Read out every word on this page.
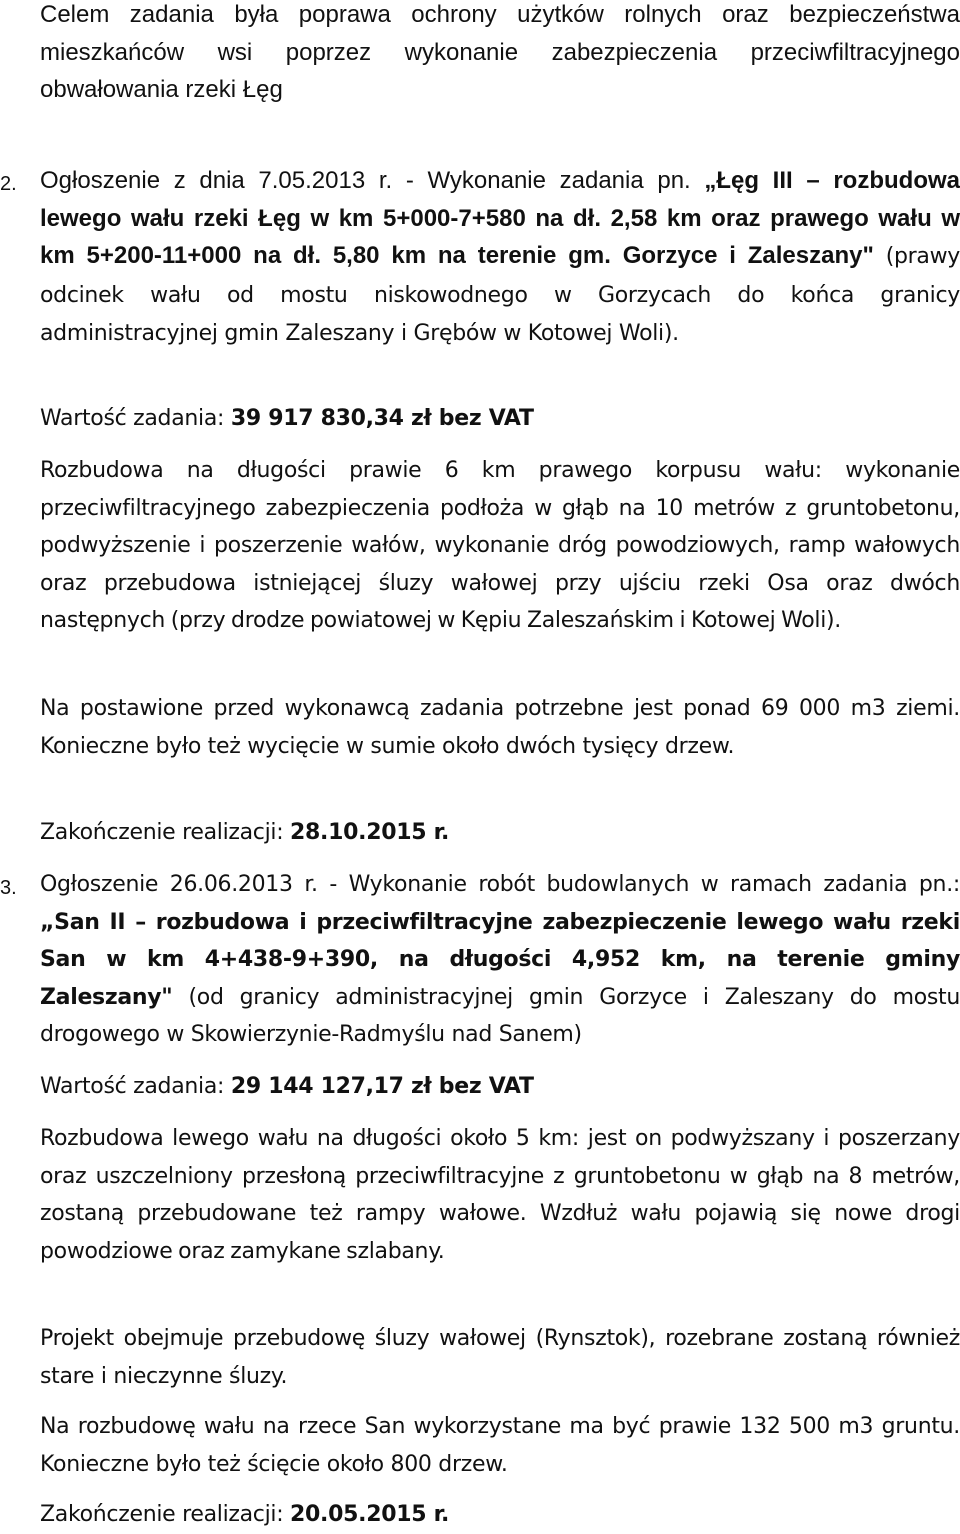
Celem zadania była poprawa ochrony użytków rolnych oraz bezpieczeństwa mieszkańców wsi poprzez wykonanie zabezpieczenia przeciwfiltracyjnego obwałowania rzeki Łęg

2. Ogłoszenie z dnia 7.05.2013 r. - Wykonanie zadania pn. „Łęg III – rozbudowa lewego wału rzeki Łęg w km 5+000-7+580 na dł. 2,58 km oraz prawego wału w km 5+200-11+000 na dł. 5,80 km na terenie gm. Gorzyce i Zaleszany" (prawy odcinek wału od mostu niskowodnego w Gorzycach do końca granicy administracyjnej gmin Zaleszany i Grębów w Kotowej Woli).

Wartość zadania: 39 917 830,34 zł bez VAT

Rozbudowa na długości prawie 6 km prawego korpusu wału: wykonanie przeciwfiltracyjnego zabezpieczenia podłoża w głąb na 10 metrów z gruntobetonu, podwyższenie i poszerzenie wałów, wykonanie dróg powodziowych, ramp wałowych oraz przebudowa istniejącej śluzy wałowej przy ujściu rzeki Osa oraz dwóch następnych (przy drodze powiatowej w Kępiu Zaleszańskim i Kotowej Woli).

Na postawione przed wykonawcą zadania potrzebne jest ponad 69 000 m3 ziemi. Konieczne było też wycięcie w sumie około dwóch tysięcy drzew.

Zakończenie realizacji: 28.10.2015 r.

3. Ogłoszenie 26.06.2013 r. - Wykonanie robót budowlanych w ramach zadania pn.: „San II – rozbudowa i przeciwfiltracyjne zabezpieczenie lewego wału rzeki San w km 4+438-9+390, na długości 4,952 km, na terenie gminy Zaleszany" (od granicy administracyjnej gmin Gorzyce i Zaleszany do mostu drogowego w Skowierzynie-Radmyślu nad Sanem)

Wartość zadania: 29 144 127,17 zł bez VAT

Rozbudowa lewego wału na długości około 5 km: jest on podwyższany i poszerzany oraz uszczelniony przesłoną przeciwfiltracyjne z gruntobetonu w głąb na 8 metrów, zostaną przebudowane też rampy wałowe. Wzdłuż wału pojawią się nowe drogi powodziowe oraz zamykane szlabany.

Projekt obejmuje przebudowę śluzy wałowej (Rynsztok), rozebrane zostaną również stare i nieczynne śluzy.

Na rozbudowę wału na rzece San wykorzystane ma być prawie 132 500 m3 gruntu. Konieczne było też ścięcie około 800 drzew.

Zakończenie realizacji: 20.05.2015 r.
